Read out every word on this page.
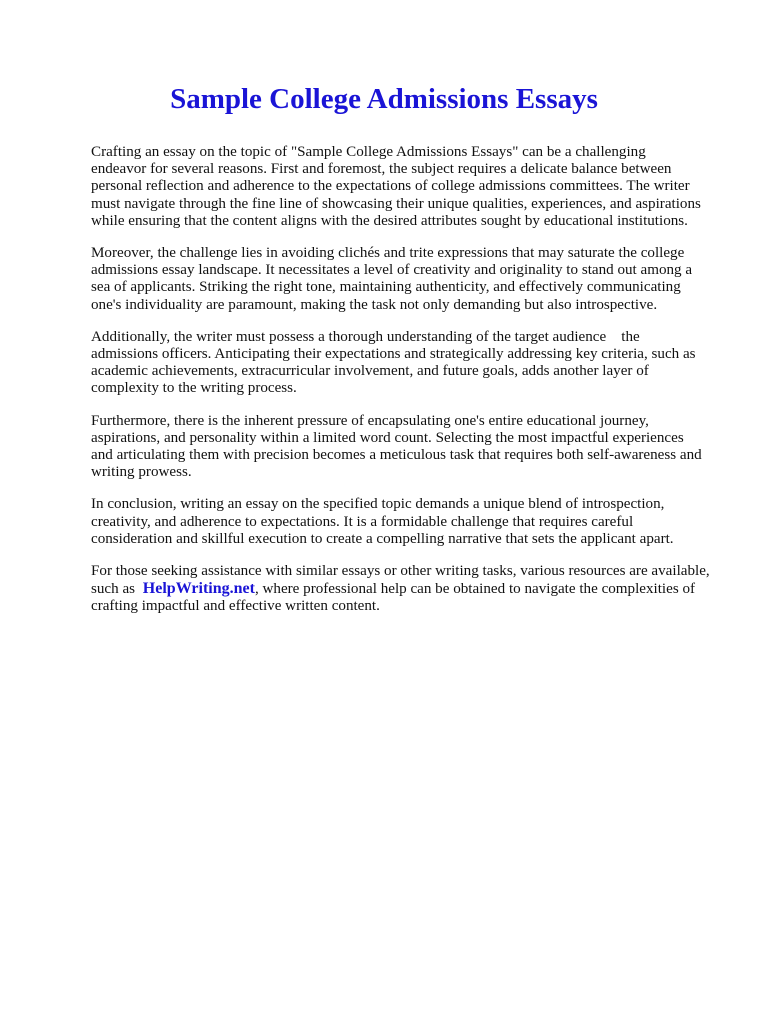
Sample College Admissions Essays
Crafting an essay on the topic of "Sample College Admissions Essays" can be a challenging
endeavor for several reasons. First and foremost, the subject requires a delicate balance between
personal reflection and adherence to the expectations of college admissions committees. The writer
must navigate through the fine line of showcasing their unique qualities, experiences, and aspirations
while ensuring that the content aligns with the desired attributes sought by educational institutions.
Moreover, the challenge lies in avoiding clichés and trite expressions that may saturate the college
admissions essay landscape. It necessitates a level of creativity and originality to stand out among a
sea of applicants. Striking the right tone, maintaining authenticity, and effectively communicating
one's individuality are paramount, making the task not only demanding but also introspective.
Additionally, the writer must possess a thorough understanding of the target audience    the
admissions officers. Anticipating their expectations and strategically addressing key criteria, such as
academic achievements, extracurricular involvement, and future goals, adds another layer of
complexity to the writing process.
Furthermore, there is the inherent pressure of encapsulating one's entire educational journey,
aspirations, and personality within a limited word count. Selecting the most impactful experiences
and articulating them with precision becomes a meticulous task that requires both self-awareness and
writing prowess.
In conclusion, writing an essay on the specified topic demands a unique blend of introspection,
creativity, and adherence to expectations. It is a formidable challenge that requires careful
consideration and skillful execution to create a compelling narrative that sets the applicant apart.
For those seeking assistance with similar essays or other writing tasks, various resources are available,
such as HelpWriting.net, where professional help can be obtained to navigate the complexities of
crafting impactful and effective written content.
